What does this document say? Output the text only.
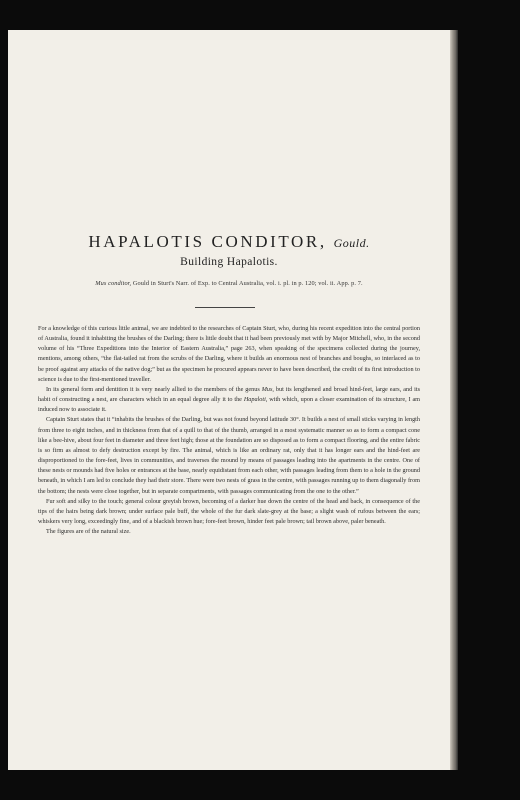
HAPALOTIS CONDITOR, Gould.
Building Hapalotis.
Mus conditor, Gould in Sturt's Narr. of Exp. to Central Australia, vol. i. pl. in p. 120; vol. ii. App. p. 7.

For a knowledge of this curious little animal, we are indebted to the researches of Captain Sturt, who, during his recent expedition into the central portion of Australia, found it inhabiting the brushes of the Darling; there is little doubt that it had been previously met with by Major Mitchell, who, in the second volume of his “Three Expeditions into the Interior of Eastern Australia,” page 263, when speaking of the specimens collected during the journey, mentions, among others, “the flat-tailed rat from the scrubs of the Darling, where it builds an enormous nest of branches and boughs, so interlaced as to be proof against any attacks of the native dog;” but as the specimen he procured appears never to have been described, the credit of its first introduction to science is due to the first-mentioned traveller.

In its general form and dentition it is very nearly allied to the members of the genus Mus, but its lengthened and broad hind-feet, large ears, and its habit of constructing a nest, are characters which in an equal degree ally it to the Hapaloti, with which, upon a closer examination of its structure, I am induced now to associate it.

Captain Sturt states that it “inhabits the brushes of the Darling, but was not found beyond latitude 30°. It builds a nest of small sticks varying in length from three to eight inches, and in thickness from that of a quill to that of the thumb, arranged in a most systematic manner so as to form a compact cone like a bee-hive, about four feet in diameter and three feet high; those at the foundation are so disposed as to form a compact flooring, and the entire fabric is so firm as almost to defy destruction except by fire. The animal, which is like an ordinary rat, only that it has longer ears and the hind-feet are disproportioned to the fore-feet, lives in communities, and traverses the mound by means of passages leading into the apartments in the centre. One of these nests or mounds had five holes or entrances at the base, nearly equidistant from each other, with passages leading from them to a hole in the ground beneath, in which I am led to conclude they had their store. There were two nests of grass in the centre, with passages running up to them diagonally from the bottom; the nests were close together, but in separate compartments, with passages communicating from the one to the other.”

Fur soft and silky to the touch; general colour greyish brown, becoming of a darker hue down the centre of the head and back, in consequence of the tips of the hairs being dark brown; under surface pale buff, the whole of the fur dark slate-grey at the base; a slight wash of rufous between the ears; whiskers very long, exceedingly fine, and of a blackish brown hue; fore-feet brown, hinder feet pale brown; tail brown above, paler beneath.

The figures are of the natural size.
